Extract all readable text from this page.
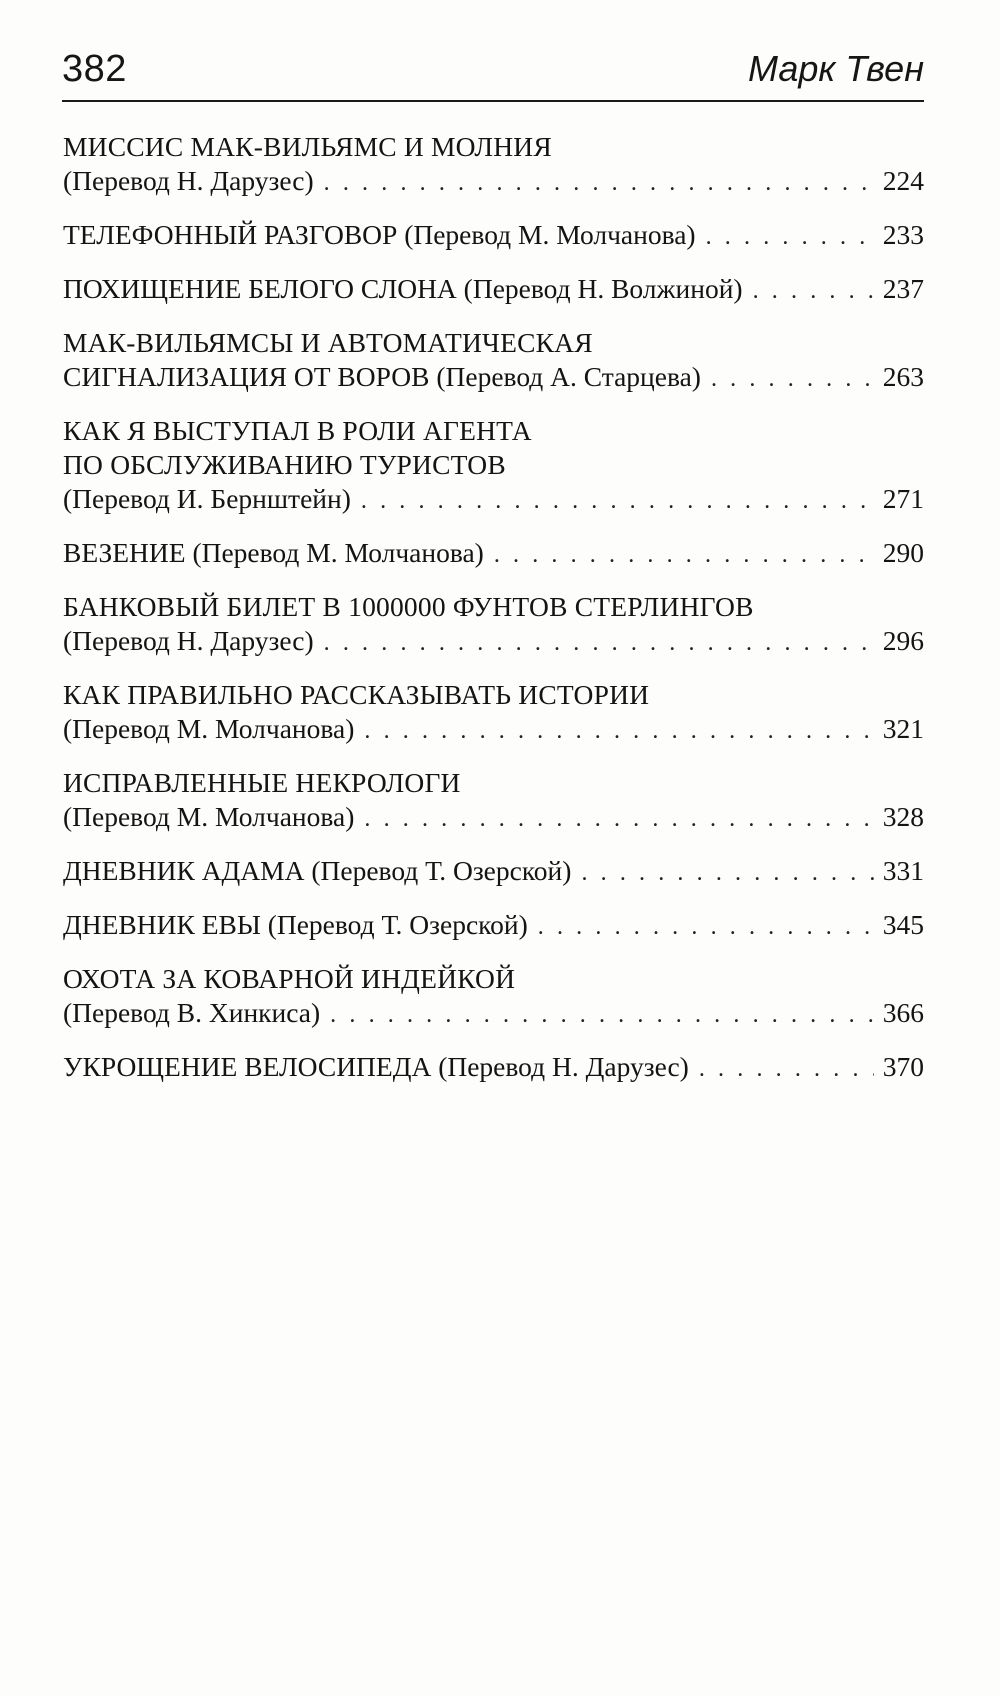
382	Марк Твен
МИССИС МАК-ВИЛЬЯМС И МОЛНИЯ
(Перевод Н. Дарузес) . . .	224
ТЕЛЕФОННЫЙ РАЗГОВОР (Перевод М. Молчанова) . . .	233
ПОХИЩЕНИЕ БЕЛОГО СЛОНА (Перевод Н. Волжиной) . . .	237
МАК-ВИЛЬЯМСЫ И АВТОМАТИЧЕСКАЯ
СИГНАЛИЗАЦИЯ ОТ ВОРОВ (Перевод А. Старцева) . . .	263
КАК Я ВЫСТУПАЛ В РОЛИ АГЕНТА
ПО ОБСЛУЖИВАНИЮ ТУРИСТОВ
(Перевод И. Бернштейн) . . .	271
ВЕЗЕНИЕ (Перевод М. Молчанова) . . .	290
БАНКОВЫЙ БИЛЕТ В 1000000 ФУНТОВ СТЕРЛИНГОВ
(Перевод Н. Дарузес) . . .	296
КАК ПРАВИЛЬНО РАССКАЗЫВАТЬ ИСТОРИИ
(Перевод М. Молчанова) . . .	321
ИСПРАВЛЕННЫЕ НЕКРОЛОГИ
(Перевод М. Молчанова) . . .	328
ДНЕВНИК АДАМА (Перевод Т. Озерской) . . .	331
ДНЕВНИК ЕВЫ (Перевод Т. Озерской) . . .	345
ОХОТА ЗА КОВАРНОЙ ИНДЕЙКОЙ
(Перевод В. Хинкиса) . . .	366
УКРОЩЕНИЕ ВЕЛОСИПЕДА (Перевод Н. Дарузес) . . .	370
